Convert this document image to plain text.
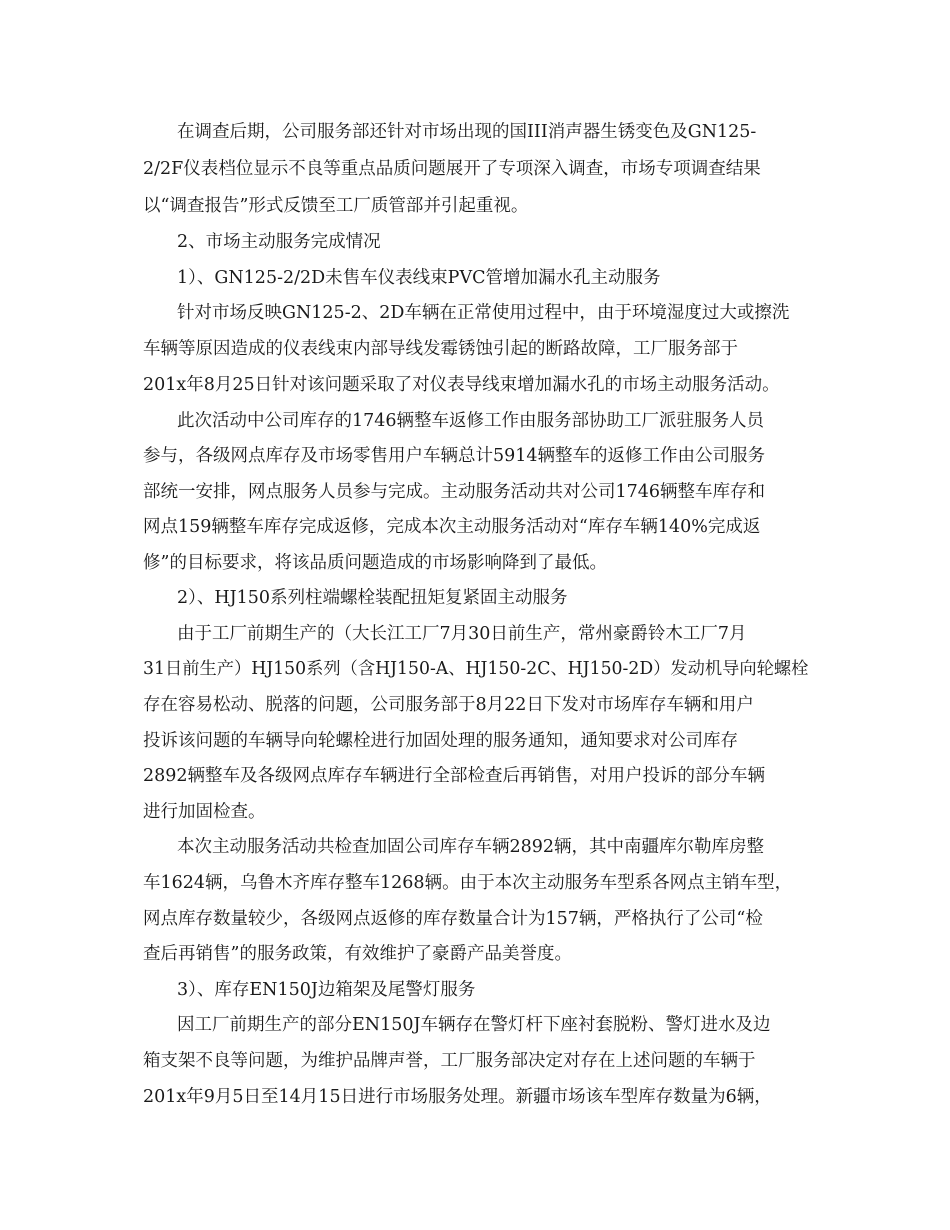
在调查后期，公司服务部还针对市场出现的国III消声器生锈变色及GN125-
2/2F仪表档位显示不良等重点品质问题展开了专项深入调查，市场专项调查结果
以“调查报告”形式反馈至工厂质管部并引起重视。
2、市场主动服务完成情况
1）、GN125-2/2D未售车仪表线束PVC管增加漏水孔主动服务
针对市场反映GN125-2、2D车辆在正常使用过程中，由于环境湿度过大或擦洗
车辆等原因造成的仪表线束内部导线发霉锈蚀引起的断路故障，工厂服务部于
201x年8月25日针对该问题采取了对仪表导线束增加漏水孔的市场主动服务活动。
此次活动中公司库存的1746辆整车返修工作由服务部协助工厂派驻服务人员
参与，各级网点库存及市场零售用户车辆总计5914辆整车的返修工作由公司服务
部统一安排，网点服务人员参与完成。主动服务活动共对公司1746辆整车库存和
网点159辆整车库存完成返修，完成本次主动服务活动对“库存车辆140%完成返
修”的目标要求，将该品质问题造成的市场影响降到了最低。
2）、HJ150系列柱端螺栓装配扭矩复紧固主动服务
由于工厂前期生产的（大长江工厂7月30日前生产，常州豪爵铃木工厂7月
31日前生产）HJ150系列（含HJ150-A、HJ150-2C、HJ150-2D）发动机导向轮螺栓
存在容易松动、脱落的问题，公司服务部于8月22日下发对市场库存车辆和用户
投诉该问题的车辆导向轮螺栓进行加固处理的服务通知，通知要求对公司库存
2892辆整车及各级网点库存车辆进行全部检查后再销售，对用户投诉的部分车辆
进行加固检查。
本次主动服务活动共检查加固公司库存车辆2892辆，其中南疆库尔勒库房整
车1624辆，乌鲁木齐库存整车1268辆。由于本次主动服务车型系各网点主销车型，
网点库存数量较少，各级网点返修的库存数量合计为157辆，严格执行了公司“检
查后再销售”的服务政策，有效维护了豪爵产品美誉度。
3）、库存EN150J边箱架及尾警灯服务
因工厂前期生产的部分EN150J车辆存在警灯杆下座衬套脱粉、警灯进水及边
箱支架不良等问题，为维护品牌声誉，工厂服务部决定对存在上述问题的车辆于
201x年9月5日至14月15日进行市场服务处理。新疆市场该车型库存数量为6辆，
